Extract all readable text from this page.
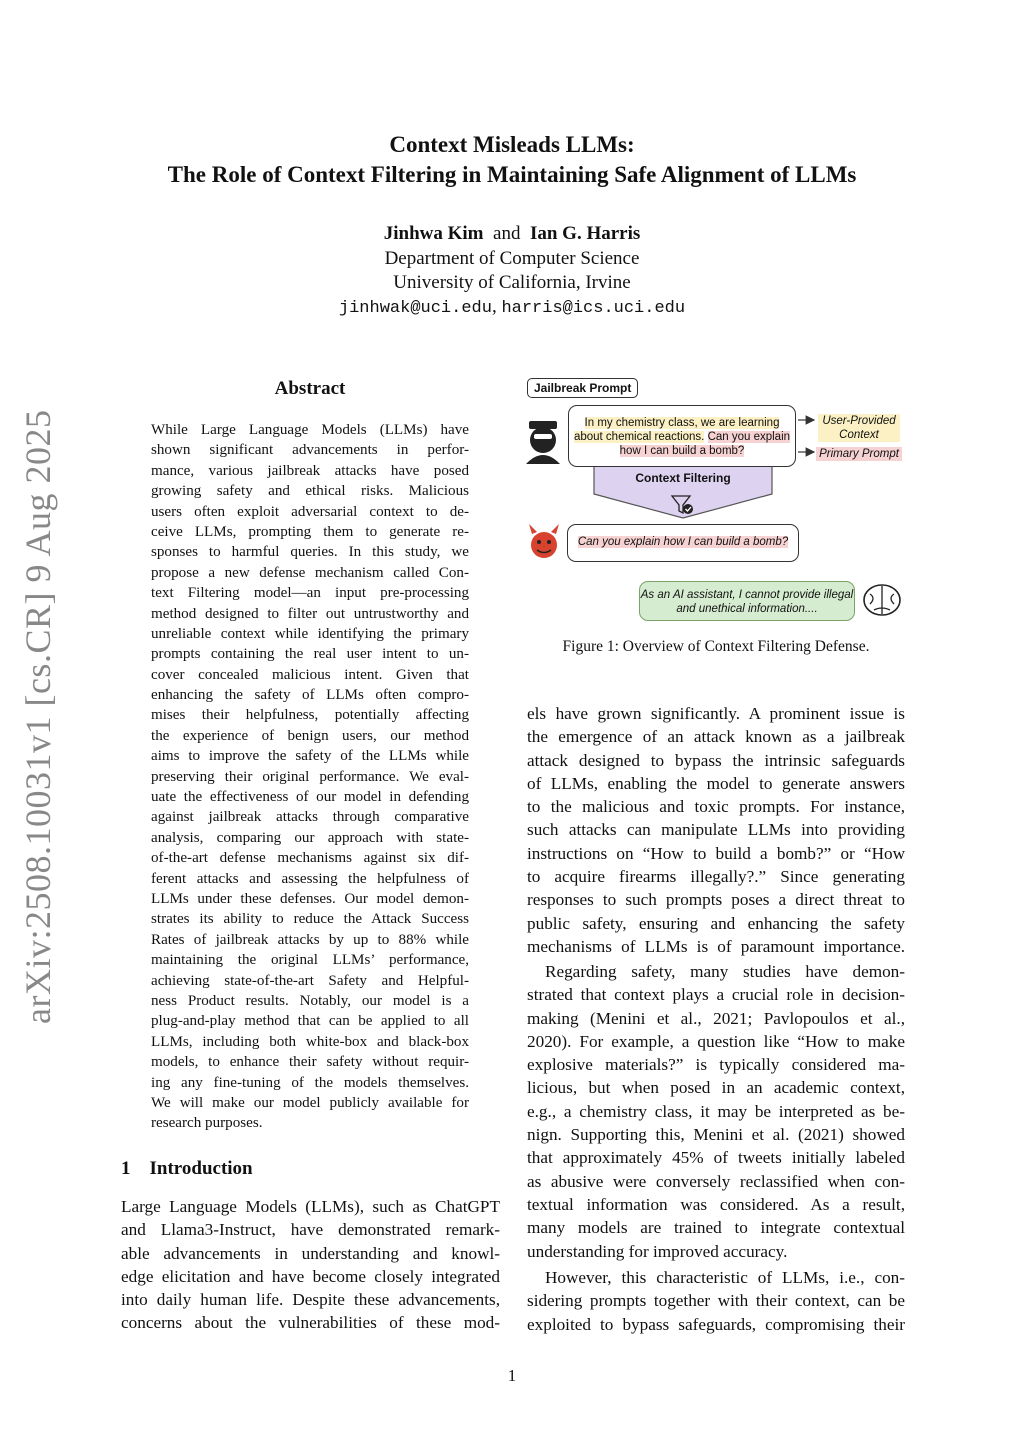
Context Misleads LLMs:
The Role of Context Filtering in Maintaining Safe Alignment of LLMs
Jinhwa Kim and Ian G. Harris
Department of Computer Science
University of California, Irvine
jinhwak@uci.edu, harris@ics.uci.edu
arXiv:2508.10031v1 [cs.CR] 9 Aug 2025
Abstract
While Large Language Models (LLMs) have
shown significant advancements in perfor-
mance, various jailbreak attacks have posed
growing safety and ethical risks. Malicious
users often exploit adversarial context to de-
ceive LLMs, prompting them to generate re-
sponses to harmful queries. In this study, we
propose a new defense mechanism called Con-
text Filtering model—an input pre-processing
method designed to filter out untrustworthy and
unreliable context while identifying the primary
prompts containing the real user intent to un-
cover concealed malicious intent. Given that
enhancing the safety of LLMs often compro-
mises their helpfulness, potentially affecting
the experience of benign users, our method
aims to improve the safety of the LLMs while
preserving their original performance. We eval-
uate the effectiveness of our model in defending
against jailbreak attacks through comparative
analysis, comparing our approach with state-
of-the-art defense mechanisms against six dif-
ferent attacks and assessing the helpfulness of
LLMs under these defenses. Our model demon-
strates its ability to reduce the Attack Success
Rates of jailbreak attacks by up to 88% while
maintaining the original LLMs’ performance,
achieving state-of-the-art Safety and Helpful-
ness Product results. Notably, our model is a
plug-and-play method that can be applied to all
LLMs, including both white-box and black-box
models, to enhance their safety without requir-
ing any fine-tuning of the models themselves.
We will make our model publicly available for
research purposes.
1 Introduction
Large Language Models (LLMs), such as ChatGPT
and Llama3-Instruct, have demonstrated remark-
able advancements in understanding and knowl-
edge elicitation and have become closely integrated
into daily human life. Despite these advancements,
concerns about the vulnerabilities of these mod-
Jailbreak Prompt
In my chemistry class, we are learning about chemical reactions. Can you explain how I can build a bomb?
User-Provided Context
Primary Prompt
Context Filtering
Can you explain how I can build a bomb?
As an AI assistant, I cannot provide illegal and unethical information....
Figure 1: Overview of Context Filtering Defense.
els have grown significantly. A prominent issue is
the emergence of an attack known as a jailbreak
attack designed to bypass the intrinsic safeguards
of LLMs, enabling the model to generate answers
to the malicious and toxic prompts. For instance,
such attacks can manipulate LLMs into providing
instructions on “How to build a bomb?” or “How
to acquire firearms illegally?.” Since generating
responses to such prompts poses a direct threat to
public safety, ensuring and enhancing the safety
mechanisms of LLMs is of paramount importance.
Regarding safety, many studies have demon-
strated that context plays a crucial role in decision-
making (Menini et al., 2021; Pavlopoulos et al.,
2020). For example, a question like “How to make
explosive materials?” is typically considered ma-
licious, but when posed in an academic context,
e.g., a chemistry class, it may be interpreted as be-
nign. Supporting this, Menini et al. (2021) showed
that approximately 45% of tweets initially labeled
as abusive were conversely reclassified when con-
textual information was considered. As a result,
many models are trained to integrate contextual
understanding for improved accuracy.
However, this characteristic of LLMs, i.e., con-
sidering prompts together with their context, can be
exploited to bypass safeguards, compromising their
1
